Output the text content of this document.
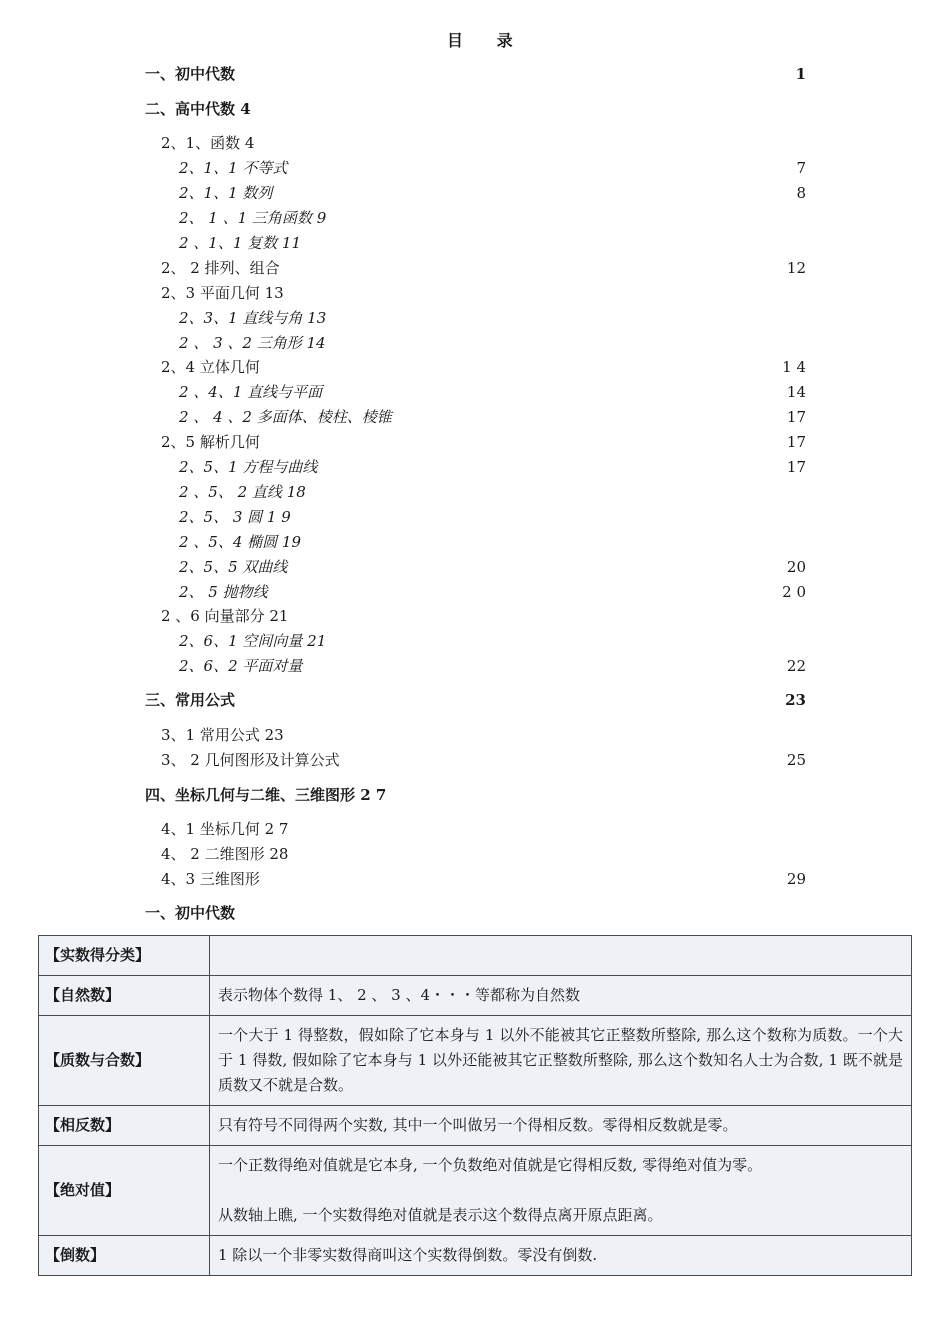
目 录
一、初中代数	1
二、高中代数 4
2、1、函数 4
2、1、1 不等式	7
2、1、1 数列	8
2、 1 、1 三角函数 9
2 、1、1 复数 11
2、 2 排列、组合	12
2、3 平面几何 13
2、3、1 直线与角 13
2 、 3 、2 三角形 14
2、4 立体几何	1 4
2 、4、1 直线与平面	14
2 、 4 、2 多面体、棱柱、棱锥	17
2、5 解析几何	17
2、5、1 方程与曲线	17
2 、5、 2 直线 18
2、5、 3 圆 1 9
2 、5、4 椭圆 19
2、5、5 双曲线	20
2、 5 抛物线	2 0
2 、6 向量部分 21
2、6、1 空间向量 21
2、6、2 平面对量	22
三、常用公式	23
3、1 常用公式 23
3、 2 几何图形及计算公式	25
四、坐标几何与二维、三维图形 2 7
4、1 坐标几何 2 7
4、 2 二维图形 28
4、3 三维图形	29
一、初中代数
【实数得分类】	
【自然数】	表示物体个数得 1、 2 、 3 、4・・・等都称为自然数
【质数与合数】	一个大于 1 得整数，假如除了它本身与 1 以外不能被其它正整数所整除, 那么这个数称为质数。一个大于 1 得数, 假如除了它本身与 1 以外还能被其它正整数所整除, 那么这个数知名人士为合数, 1 既不就是质数又不就是合数。
【相反数】	只有符号不同得两个实数, 其中一个叫做另一个得相反数。零得相反数就是零。
【绝对值】	一个正数得绝对值就是它本身, 一个负数绝对值就是它得相反数, 零得绝对值为零。
从数轴上瞧, 一个实数得绝对值就是表示这个数得点离开原点距离。

【倒数】	1 除以一个非零实数得商叫这个实数得倒数。零没有倒数.
